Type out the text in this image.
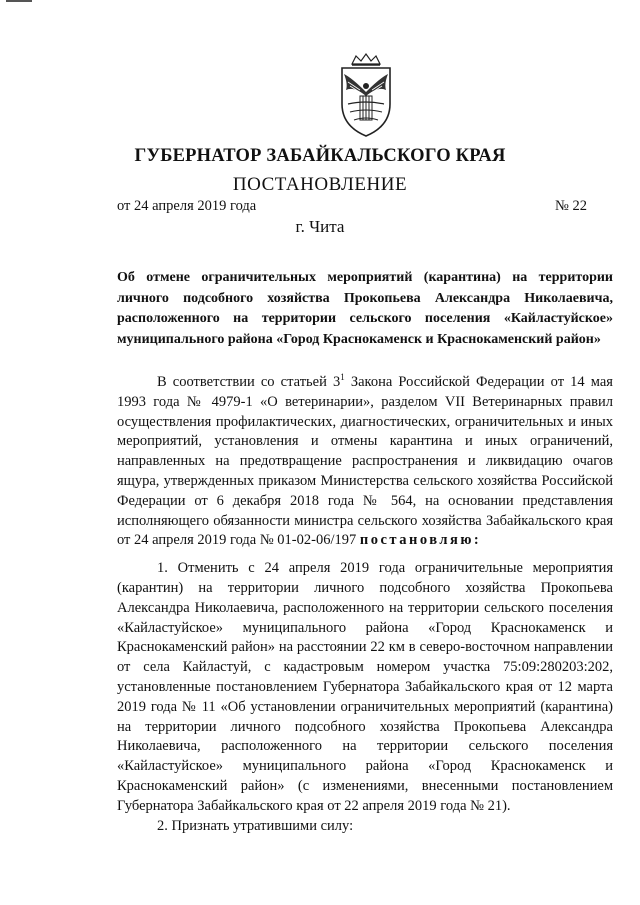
ГУБЕРНАТОР ЗАБАЙКАЛЬСКОГО КРАЯ
ПОСТАНОВЛЕНИЕ
от 24 апреля 2019 года	№ 22
г. Чита
Об отмене ограничительных мероприятий (карантина) на территории личного подсобного хозяйства Прокопьева Александра Николаевича, расположенного на территории сельского поселения «Кайластуйское» муниципального района «Город Краснокаменск и Краснокаменский район»

В соответствии со статьей $3^1$ Закона Российской Федерации от 14 мая 1993 года № 4979-1 «О ветеринарии», разделом VII Ветеринарных правил осуществления профилактических, диагностических, ограничительных и иных мероприятий, установления и отмены карантина и иных ограничений, направленных на предотвращение распространения и ликвидацию очагов ящура, утвержденных приказом Министерства сельского хозяйства Российской Федерации от 6 декабря 2018 года № 564, на основании представления исполняющего обязанности министра сельского хозяйства Забайкальского края от 24 апреля 2019 года № 01-02-06/197 постановляю:

1. Отменить с 24 апреля 2019 года ограничительные мероприятия (карантин) на территории личного подсобного хозяйства Прокопьева Александра Николаевича, расположенного на территории сельского поселения «Кайластуйское» муниципального района «Город Краснокаменск и Краснокаменский район» на расстоянии 22 км в северо-восточном направлении от села Кайластуй, с кадастровым номером участка 75:09:280203:202, установленные постановлением Губернатора Забайкальского края от 12 марта 2019 года № 11 «Об установлении ограничительных мероприятий (карантина) на территории личного подсобного хозяйства Прокопьева Александра Николаевича, расположенного на территории сельского поселения «Кайластуйское» муниципального района «Город Краснокаменск и Краснокаменский район» (с изменениями, внесенными постановлением Губернатора Забайкальского края от 22 апреля 2019 года № 21).

2. Признать утратившими силу:
